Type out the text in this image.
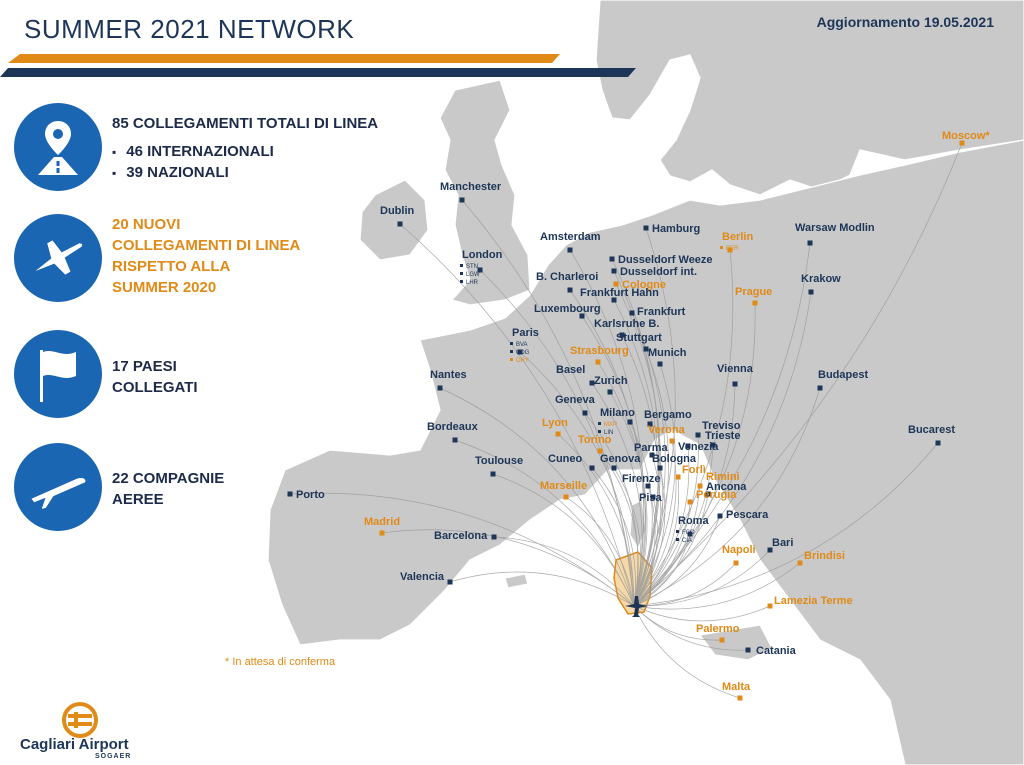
Dublin
Manchester
London
STN
LGW
LHR
Amsterdam
Hamburg
Berlin
BER
Warsaw Modlin
Moscow*
Dusseldorf Weeze
Dusseldorf int.
Cologne
B. Charleroi
Frankfurt Hahn
Luxembourg	Frankfurt
Karlsruhe B.
Krakow
Prague
Paris
BVA
CDG
ORY
Stuttgart
Strasbourg Munich
Nantes	Basel
Zurich
Vienna	Budapest
Geneva
Milano
MXP
LIN
Bergamo
Treviso
Lyon
Verona
Venezia
Trieste
Bordeaux
Torino
Parma
Bucarest
Toulouse Cuneo Genova Bologna
Forlì
Rimini
Firenze
Ancona
Marseille
Pisa	Perugia
Porto
Pescara
Madrid	Roma
FCO
CIA
Barcelona
Bari
Napoli	Brindisi
Valencia
Lamezia Terme
Palermo
Catania
Malta
SUMMER 2021 NETWORK	Aggiornamento 19.05.2021
85 COLLEGAMENTI TOTALI DI LINEA
▪ 46 INTERNAZIONALI
▪ 39 NAZIONALI
20 NUOVI
COLLEGAMENTI DI LINEA
RISPETTO ALLA
SUMMER 2020
17 PAESI
COLLEGATI
22 COMPAGNIE
AEREE
* In attesa di conferma
Cagliari Airport
SOGAER
